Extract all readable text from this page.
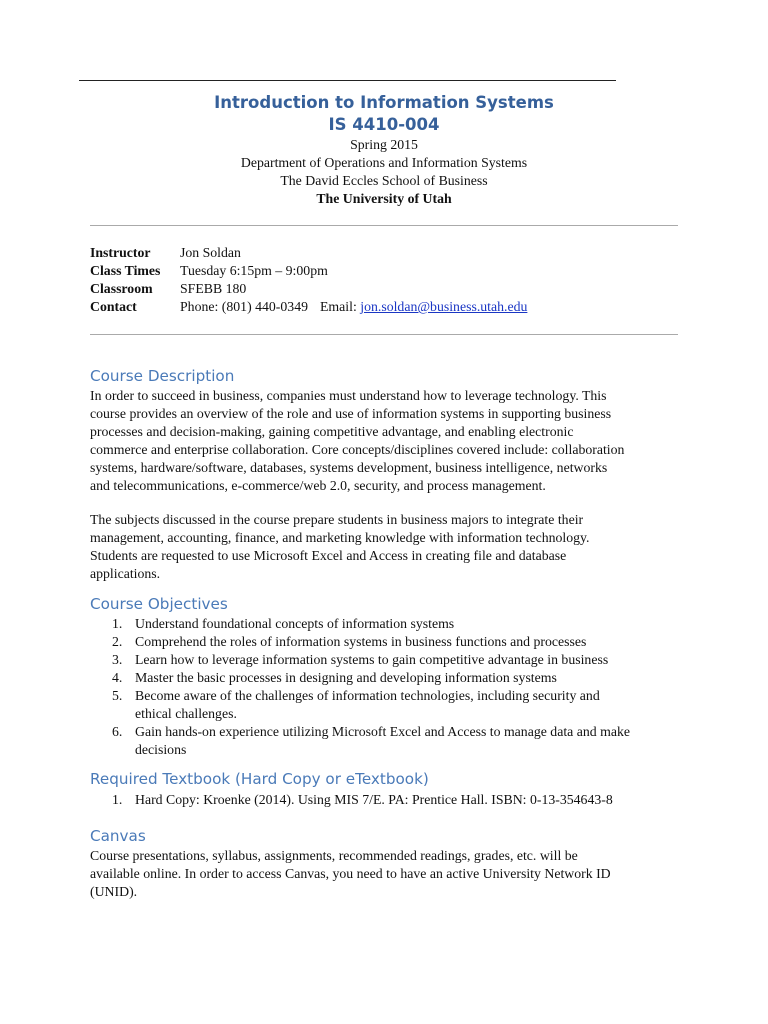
Introduction to Information Systems
IS 4410-004
Spring 2015
Department of Operations and Information Systems
The David Eccles School of Business
The University of Utah
Instructor Jon Soldan
Class Times Tuesday 6:15pm – 9:00pm
Classroom SFEBB 180
Contact	Phone: (801) 440-0349 Email: jon.soldan@business.utah.edu
Course Description
In order to succeed in business, companies must understand how to leverage technology. This
course provides an overview of the role and use of information systems in supporting business
processes and decision-making, gaining competitive advantage, and enabling electronic
commerce and enterprise collaboration. Core concepts/disciplines covered include: collaboration
systems, hardware/software, databases, systems development, business intelligence, networks
and telecommunications, e-commerce/web 2.0, security, and process management.
The subjects discussed in the course prepare students in business majors to integrate their
management, accounting, finance, and marketing knowledge with information technology.
Students are requested to use Microsoft Excel and Access in creating file and database
applications.
Course Objectives
1. Understand foundational concepts of information systems
2. Comprehend the roles of information systems in business functions and processes
3. Learn how to leverage information systems to gain competitive advantage in business
4. Master the basic processes in designing and developing information systems
5. Become aware of the challenges of information technologies, including security and
ethical challenges.
6. Gain hands-on experience utilizing Microsoft Excel and Access to manage data and make
decisions
Required Textbook (Hard Copy or eTextbook)
1. Hard Copy: Kroenke (2014). Using MIS 7/E. PA: Prentice Hall. ISBN: 0-13-354643-8
Canvas
Course presentations, syllabus, assignments, recommended readings, grades, etc. will be
available online. In order to access Canvas, you need to have an active University Network ID
(UNID).
